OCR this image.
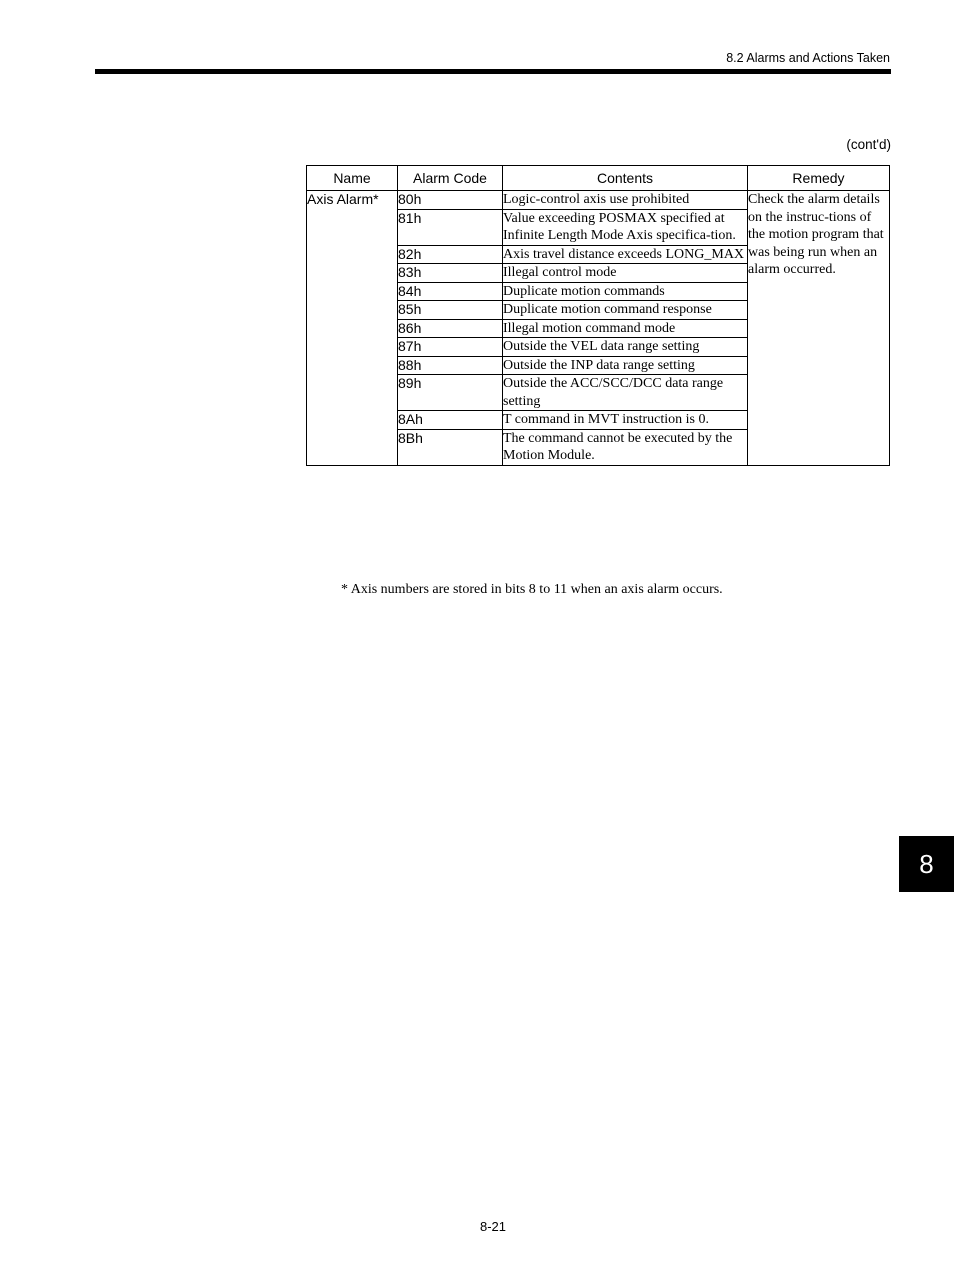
8.2 Alarms and Actions Taken
(cont'd)
Name	Alarm Code	Contents	Remedy
Axis Alarm*	80h	Logic-control axis use prohibited	Check the alarm details on the instruc-tions of the motion program that was being run when an alarm occurred.
	81h	Value exceeding POSMAX specified at Infinite Length Mode Axis specifica-tion.	
	82h	Axis travel distance exceeds LONG_MAX	
	83h	Illegal control mode	
	84h	Duplicate motion commands	
	85h	Duplicate motion command response	
	86h	Illegal motion command mode	
	87h	Outside the VEL data range setting	
	88h	Outside the INP data range setting	
	89h	Outside the ACC/SCC/DCC data range setting	
	8Ah	T command in MVT instruction is 0.	
	8Bh	The command cannot be executed by the Motion Module.	
* Axis numbers are stored in bits 8 to 11 when an axis alarm occurs.
8
8-21
